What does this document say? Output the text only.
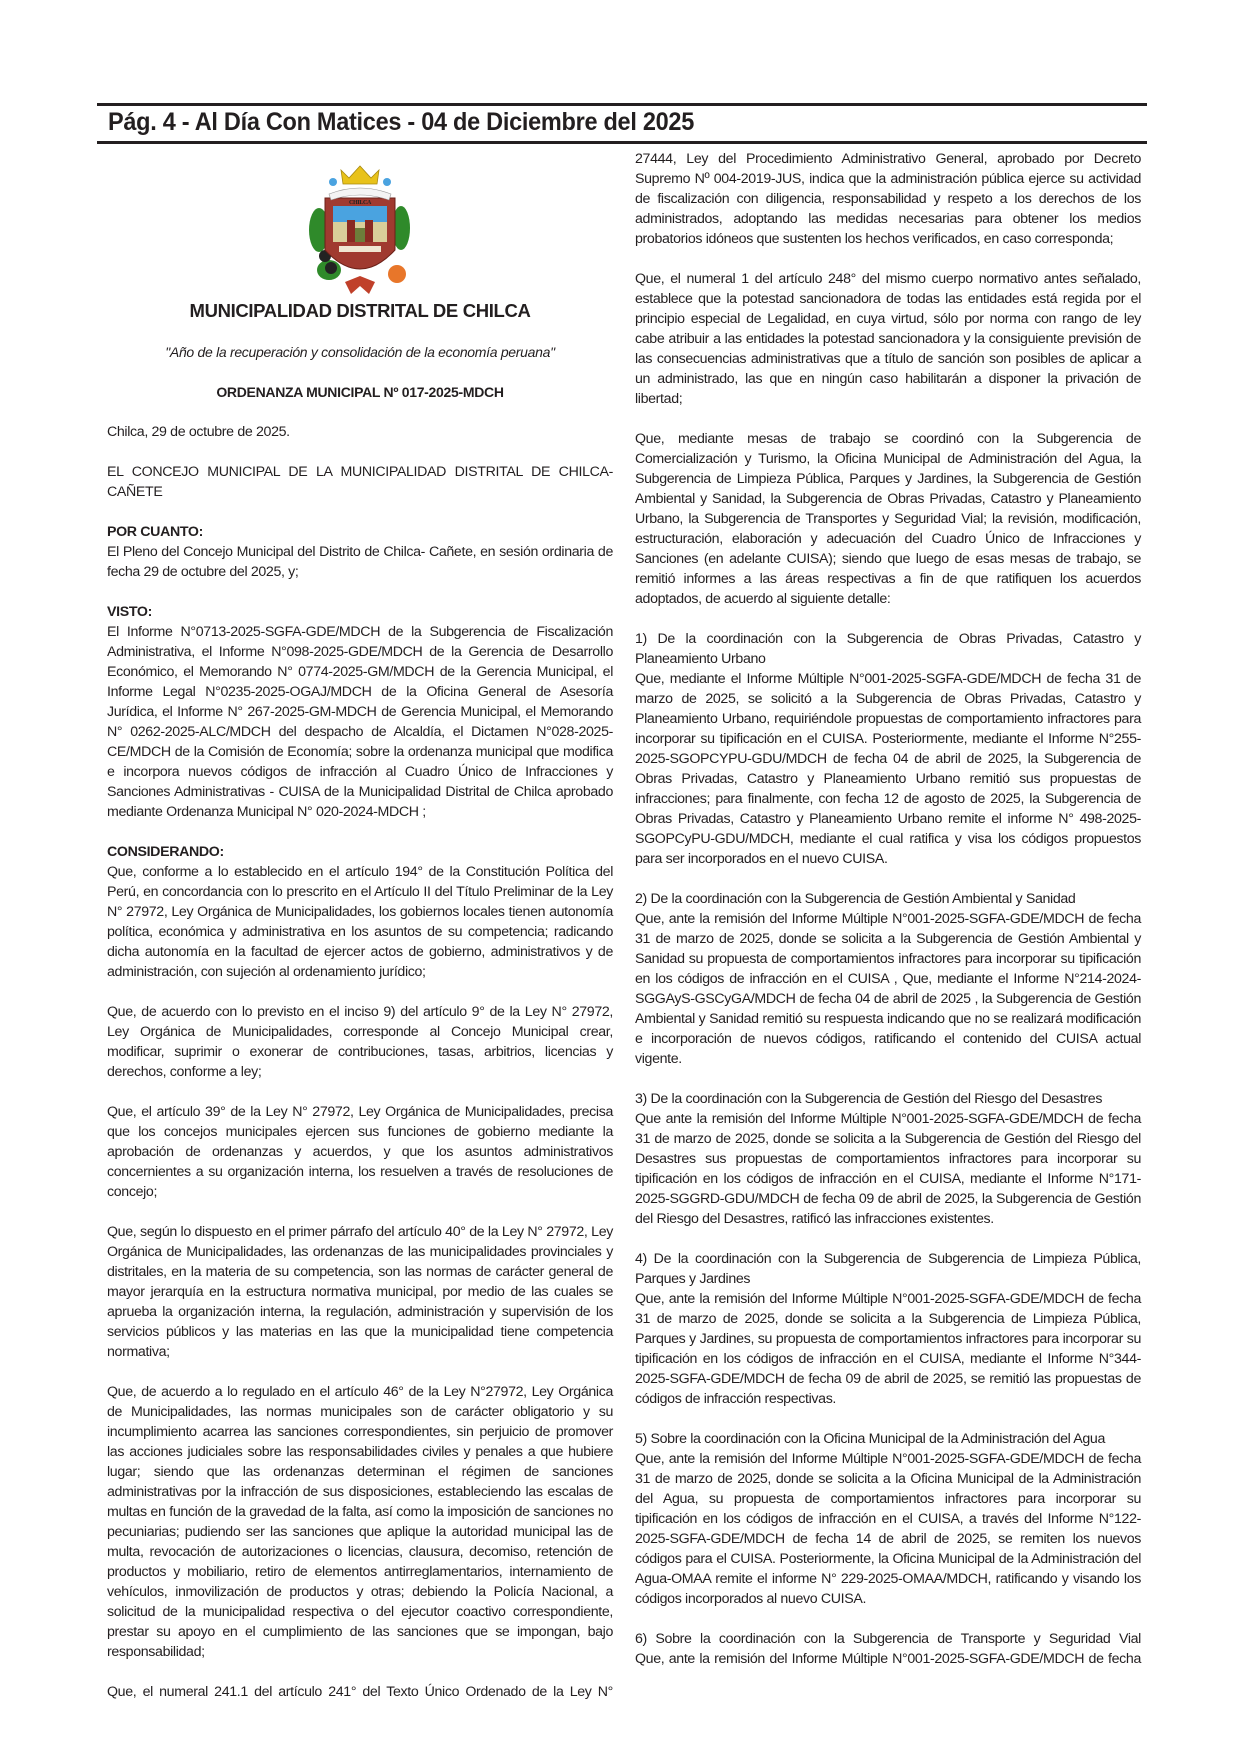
Pág. 4 - Al Día Con Matices - 04 de Diciembre del 2025
CHILCA

MUNICIPALIDAD DISTRITAL DE CHILCA

"Año de la recuperación y consolidación de la economía peruana"

ORDENANZA MUNICIPAL Nº 017-2025-MDCH

Chilca, 29 de octubre de 2025.

EL CONCEJO MUNICIPAL DE LA MUNICIPALIDAD DISTRITAL DE CHILCA-CAÑETE

POR CUANTO:
El Pleno del Concejo Municipal del Distrito de Chilca- Cañete, en sesión ordinaria de fecha 29 de octubre del 2025, y;

VISTO:
El Informe N°0713-2025-SGFA-GDE/MDCH de la Subgerencia de Fiscalización Administrativa, el Informe N°098-2025-GDE/MDCH de la Gerencia de Desarrollo Económico, el Memorando N° 0774-2025-GM/MDCH de la Gerencia Municipal, el Informe Legal N°0235-2025-OGAJ/MDCH de la Oficina General de Asesoría Jurídica, el Informe N° 267-2025-GM-MDCH de Gerencia Municipal, el Memorando N° 0262-2025-ALC/MDCH del despacho de Alcaldía, el Dictamen N°028-2025-CE/MDCH de la Comisión de Economía; sobre la ordenanza municipal que modifica e incorpora nuevos códigos de infracción al Cuadro Único de Infracciones y Sanciones Administrativas - CUISA de la Municipalidad Distrital de Chilca aprobado mediante Ordenanza Municipal N° 020-2024-MDCH ;

CONSIDERANDO:
Que, conforme a lo establecido en el artículo 194° de la Constitución Política del Perú, en concordancia con lo prescrito en el Artículo II del Título Preliminar de la Ley N° 27972, Ley Orgánica de Municipalidades, los gobiernos locales tienen autonomía política, económica y administrativa en los asuntos de su competencia; radicando dicha autonomía en la facultad de ejercer actos de gobierno, administrativos y de administración, con sujeción al ordenamiento jurídico;

Que, de acuerdo con lo previsto en el inciso 9) del artículo 9° de la Ley N° 27972, Ley Orgánica de Municipalidades, corresponde al Concejo Municipal crear, modificar, suprimir o exonerar de contribuciones, tasas, arbitrios, licencias y derechos, conforme a ley;

Que, el artículo 39° de la Ley N° 27972, Ley Orgánica de Municipalidades, precisa que los concejos municipales ejercen sus funciones de gobierno mediante la aprobación de ordenanzas y acuerdos, y que los asuntos administrativos concernientes a su organización interna, los resuelven a través de resoluciones de concejo;

Que, según lo dispuesto en el primer párrafo del artículo 40° de la Ley N° 27972, Ley Orgánica de Municipalidades, las ordenanzas de las municipalidades provinciales y distritales, en la materia de su competencia, son las normas de carácter general de mayor jerarquía en la estructura normativa municipal, por medio de las cuales se aprueba la organización interna, la regulación, administración y supervisión de los servicios públicos y las materias en las que la municipalidad tiene competencia normativa;

Que, de acuerdo a lo regulado en el artículo 46° de la Ley N°27972, Ley Orgánica de Municipalidades, las normas municipales son de carácter obligatorio y su incumplimiento acarrea las sanciones correspondientes, sin perjuicio de promover las acciones judiciales sobre las responsabilidades civiles y penales a que hubiere lugar; siendo que las ordenanzas determinan el régimen de sanciones administrativas por la infracción de sus disposiciones, estableciendo las escalas de multas en función de la gravedad de la falta, así como la imposición de sanciones no pecuniarias; pudiendo ser las sanciones que aplique la autoridad municipal las de multa, revocación de autorizaciones o licencias, clausura, decomiso, retención de productos y mobiliario, retiro de elementos antirreglamentarios, internamiento de vehículos, inmovilización de productos y otras; debiendo la Policía Nacional, a solicitud de la municipalidad respectiva o del ejecutor coactivo correspondiente, prestar su apoyo en el cumplimiento de las sanciones que se impongan, bajo responsabilidad;

Que, el numeral 241.1 del artículo 241° del Texto Único Ordenado de la Ley N°

27444, Ley del Procedimiento Administrativo General, aprobado por Decreto Supremo Nº 004-2019-JUS, indica que la administración pública ejerce su actividad de fiscalización con diligencia, responsabilidad y respeto a los derechos de los administrados, adoptando las medidas necesarias para obtener los medios probatorios idóneos que sustenten los hechos verificados, en caso corresponda;

Que, el numeral 1 del artículo 248° del mismo cuerpo normativo antes señalado, establece que la potestad sancionadora de todas las entidades está regida por el principio especial de Legalidad, en cuya virtud, sólo por norma con rango de ley cabe atribuir a las entidades la potestad sancionadora y la consiguiente previsión de las consecuencias administrativas que a título de sanción son posibles de aplicar a un administrado, las que en ningún caso habilitarán a disponer la privación de libertad;

Que, mediante mesas de trabajo se coordinó con la Subgerencia de Comercialización y Turismo, la Oficina Municipal de Administración del Agua, la Subgerencia de Limpieza Pública, Parques y Jardines, la Subgerencia de Gestión Ambiental y Sanidad, la Subgerencia de Obras Privadas, Catastro y Planeamiento Urbano, la Subgerencia de Transportes y Seguridad Vial; la revisión, modificación, estructuración, elaboración y adecuación del Cuadro Único de Infracciones y Sanciones (en adelante CUISA); siendo que luego de esas mesas de trabajo, se remitió informes a las áreas respectivas a fin de que ratifiquen los acuerdos adoptados, de acuerdo al siguiente detalle:

1) De la coordinación con la Subgerencia de Obras Privadas, Catastro y Planeamiento Urbano
Que, mediante el Informe Múltiple N°001-2025-SGFA-GDE/MDCH de fecha 31 de marzo de 2025, se solicitó a la Subgerencia de Obras Privadas, Catastro y Planeamiento Urbano, requiriéndole propuestas de comportamiento infractores para incorporar su tipificación en el CUISA. Posteriormente, mediante el Informe N°255-2025-SGOPCYPU-GDU/MDCH de fecha 04 de abril de 2025, la Subgerencia de Obras Privadas, Catastro y Planeamiento Urbano remitió sus propuestas de infracciones; para finalmente, con fecha 12 de agosto de 2025, la Subgerencia de Obras Privadas, Catastro y Planeamiento Urbano remite el informe N° 498-2025-SGOPCyPU-GDU/MDCH, mediante el cual ratifica y visa los códigos propuestos para ser incorporados en el nuevo CUISA.

2) De la coordinación con la Subgerencia de Gestión Ambiental y Sanidad
Que, ante la remisión del Informe Múltiple N°001-2025-SGFA-GDE/MDCH de fecha 31 de marzo de 2025, donde se solicita a la Subgerencia de Gestión Ambiental y Sanidad su propuesta de comportamientos infractores para incorporar su tipificación en los códigos de infracción en el CUISA , Que, mediante el Informe N°214-2024-SGGAyS-GSCyGA/MDCH de fecha 04 de abril de 2025 , la Subgerencia de Gestión Ambiental y Sanidad remitió su respuesta indicando que no se realizará modificación e incorporación de nuevos códigos, ratificando el contenido del CUISA actual vigente.

3) De la coordinación con la Subgerencia de Gestión del Riesgo del Desastres
Que ante la remisión del Informe Múltiple N°001-2025-SGFA-GDE/MDCH de fecha 31 de marzo de 2025, donde se solicita a la Subgerencia de Gestión del Riesgo del Desastres sus propuestas de comportamientos infractores para incorporar su tipificación en los códigos de infracción en el CUISA, mediante el Informe N°171-2025-SGGRD-GDU/MDCH de fecha 09 de abril de 2025, la Subgerencia de Gestión del Riesgo del Desastres, ratificó las infracciones existentes.

4) De la coordinación con la Subgerencia de Subgerencia de Limpieza Pública, Parques y Jardines
Que, ante la remisión del Informe Múltiple N°001-2025-SGFA-GDE/MDCH de fecha 31 de marzo de 2025, donde se solicita a la Subgerencia de Limpieza Pública, Parques y Jardines, su propuesta de comportamientos infractores para incorporar su tipificación en los códigos de infracción en el CUISA, mediante el Informe N°344-2025-SGFA-GDE/MDCH de fecha 09 de abril de 2025, se remitió las propuestas de códigos de infracción respectivas.

5) Sobre la coordinación con la Oficina Municipal de la Administración del Agua
Que, ante la remisión del Informe Múltiple N°001-2025-SGFA-GDE/MDCH de fecha 31 de marzo de 2025, donde se solicita a la Oficina Municipal de la Administración del Agua, su propuesta de comportamientos infractores para incorporar su tipificación en los códigos de infracción en el CUISA, a través del Informe N°122-2025-SGFA-GDE/MDCH de fecha 14 de abril de 2025, se remiten los nuevos códigos para el CUISA. Posteriormente, la Oficina Municipal de la Administración del Agua-OMAA remite el informe N° 229-2025-OMAA/MDCH, ratificando y visando los códigos incorporados al nuevo CUISA.

6) Sobre la coordinación con la Subgerencia de Transporte y Seguridad Vial
Que, ante la remisión del Informe Múltiple N°001-2025-SGFA-GDE/MDCH de fecha
